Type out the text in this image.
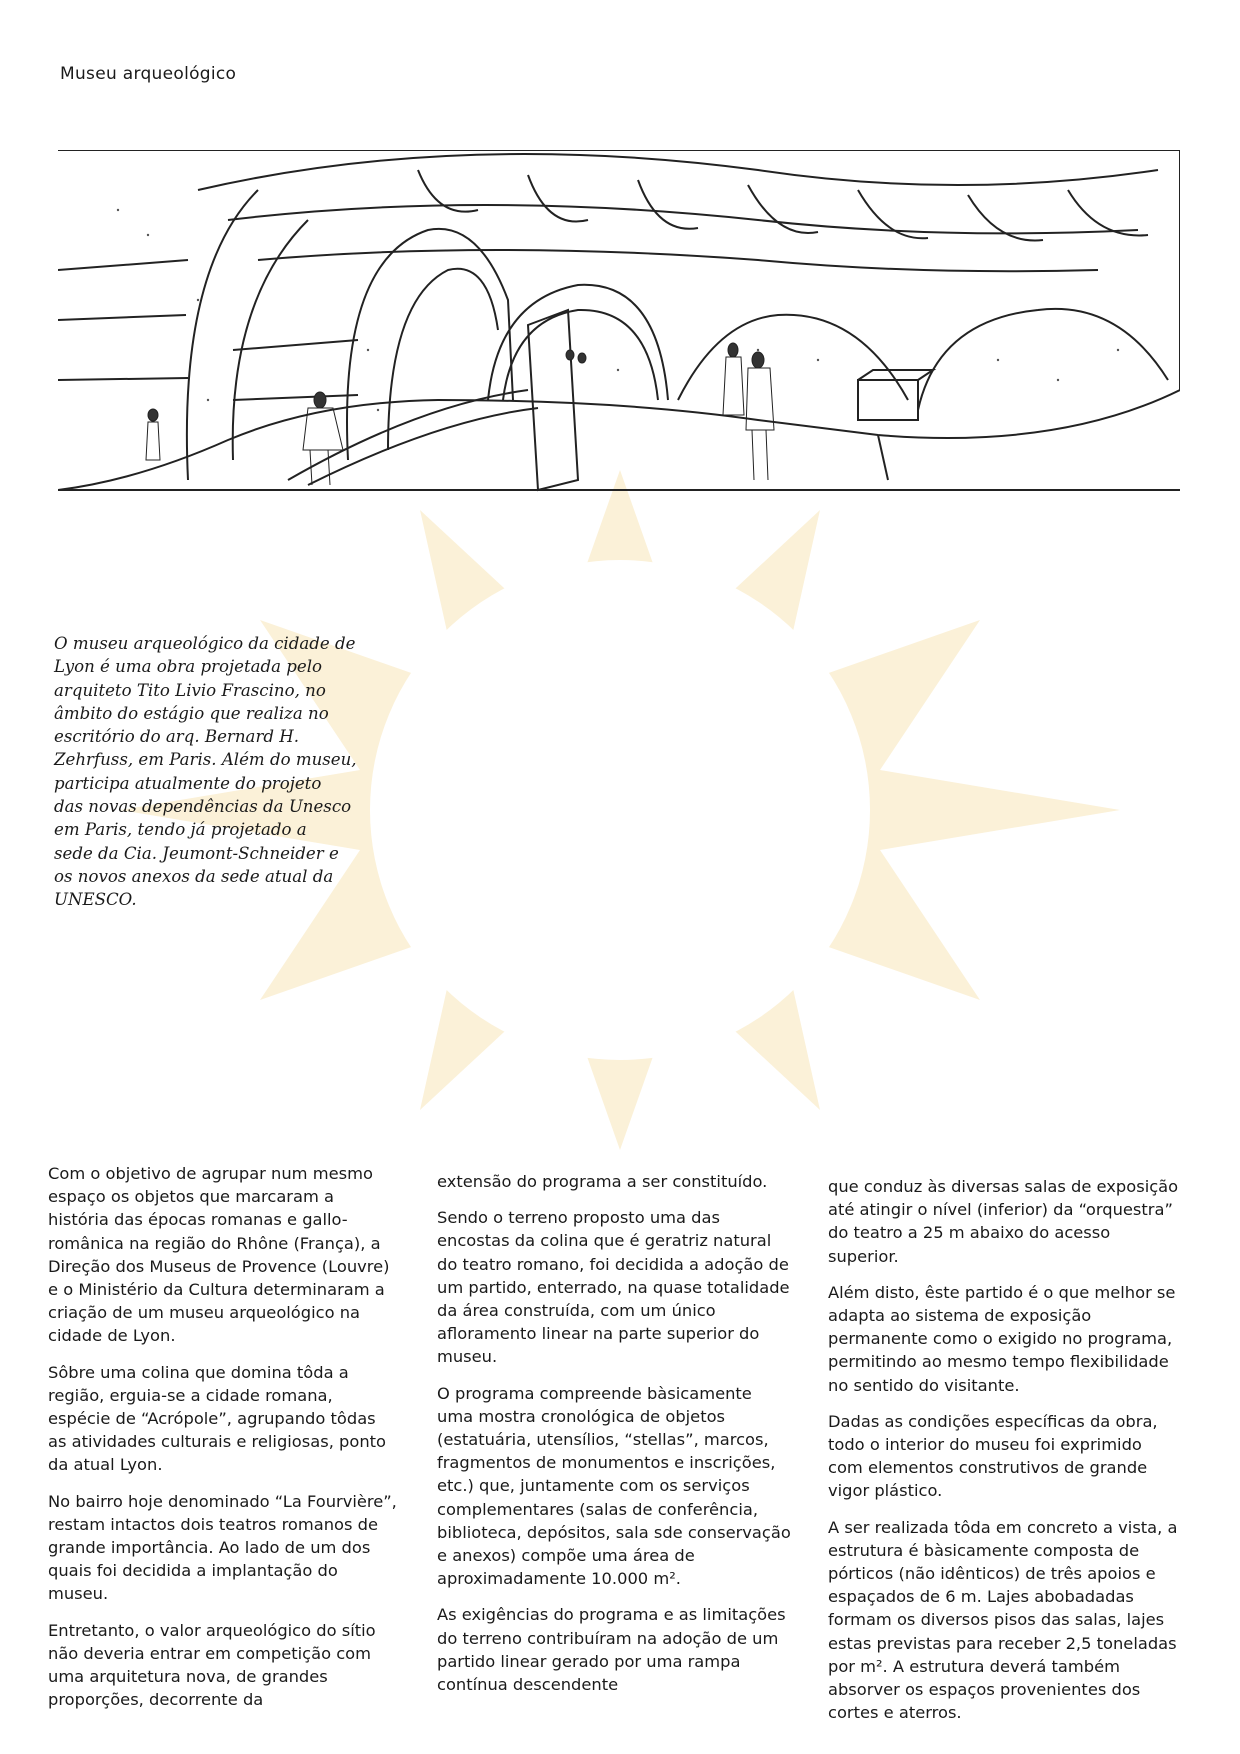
Museu arqueológico
O museu arqueológico da cidade de
Lyon é uma obra projetada pelo
arquiteto Tito Livio Frascino, no
âmbito do estágio que realiza no
escritório do arq. Bernard H.
Zehrfuss, em Paris. Além do museu,
participa atualmente do projeto
das novas dependências da Unesco
em Paris, tendo já projetado a
sede da Cia. Jeumont-Schneider e
os novos anexos da sede atual da
UNESCO.

Com o objetivo de agrupar num mesmo espaço os objetos que marcaram a história das épocas romanas e gallo-românica na região do Rhône (França), a Direção dos Museus de Provence (Louvre) e o Ministério da Cultura determinaram a criação de um museu arqueológico na cidade de Lyon.

Sôbre uma colina que domina tôda a região, erguia-se a cidade romana, espécie de “Acrópole”, agrupando tôdas as atividades culturais e religiosas, ponto da atual Lyon.

No bairro hoje denominado “La Fourvière”, restam intactos dois teatros romanos de grande importância. Ao lado de um dos quais foi decidida a implantação do museu.

Entretanto, o valor arqueológico do sítio não deveria entrar em competição com uma arquitetura nova, de grandes proporções, decorrente da

extensão do programa a ser constituído.

Sendo o terreno proposto uma das encostas da colina que é geratriz natural do teatro romano, foi decidida a adoção de um partido, enterrado, na quase totalidade da área construída, com um único afloramento linear na parte superior do museu.

O programa compreende bàsicamente uma mostra cronológica de objetos (estatuária, utensílios, “stellas”, marcos, fragmentos de monumentos e inscrições, etc.) que, juntamente com os serviços complementares (salas de conferência, biblioteca, depósitos, sala sde conservação e anexos) compõe uma área de aproximadamente 10.000 m².

As exigências do programa e as limitações do terreno contribuíram na adoção de um partido linear gerado por uma rampa contínua descendente

que conduz às diversas salas de exposição até atingir o nível (inferior) da “orquestra” do teatro a 25 m abaixo do acesso superior.

Além disto, êste partido é o que melhor se adapta ao sistema de exposição permanente como o exigido no programa, permitindo ao mesmo tempo flexibilidade no sentido do visitante.

Dadas as condições específicas da obra, todo o interior do museu foi exprimido com elementos construtivos de grande vigor plástico.

A ser realizada tôda em concreto a vista, a estrutura é bàsicamente composta de pórticos (não idênticos) de três apoios e espaçados de 6 m. Lajes abobadadas formam os diversos pisos das salas, lajes estas previstas para receber 2,5 toneladas por m². A estrutura deverá também absorver os espaços provenientes dos cortes e aterros.
